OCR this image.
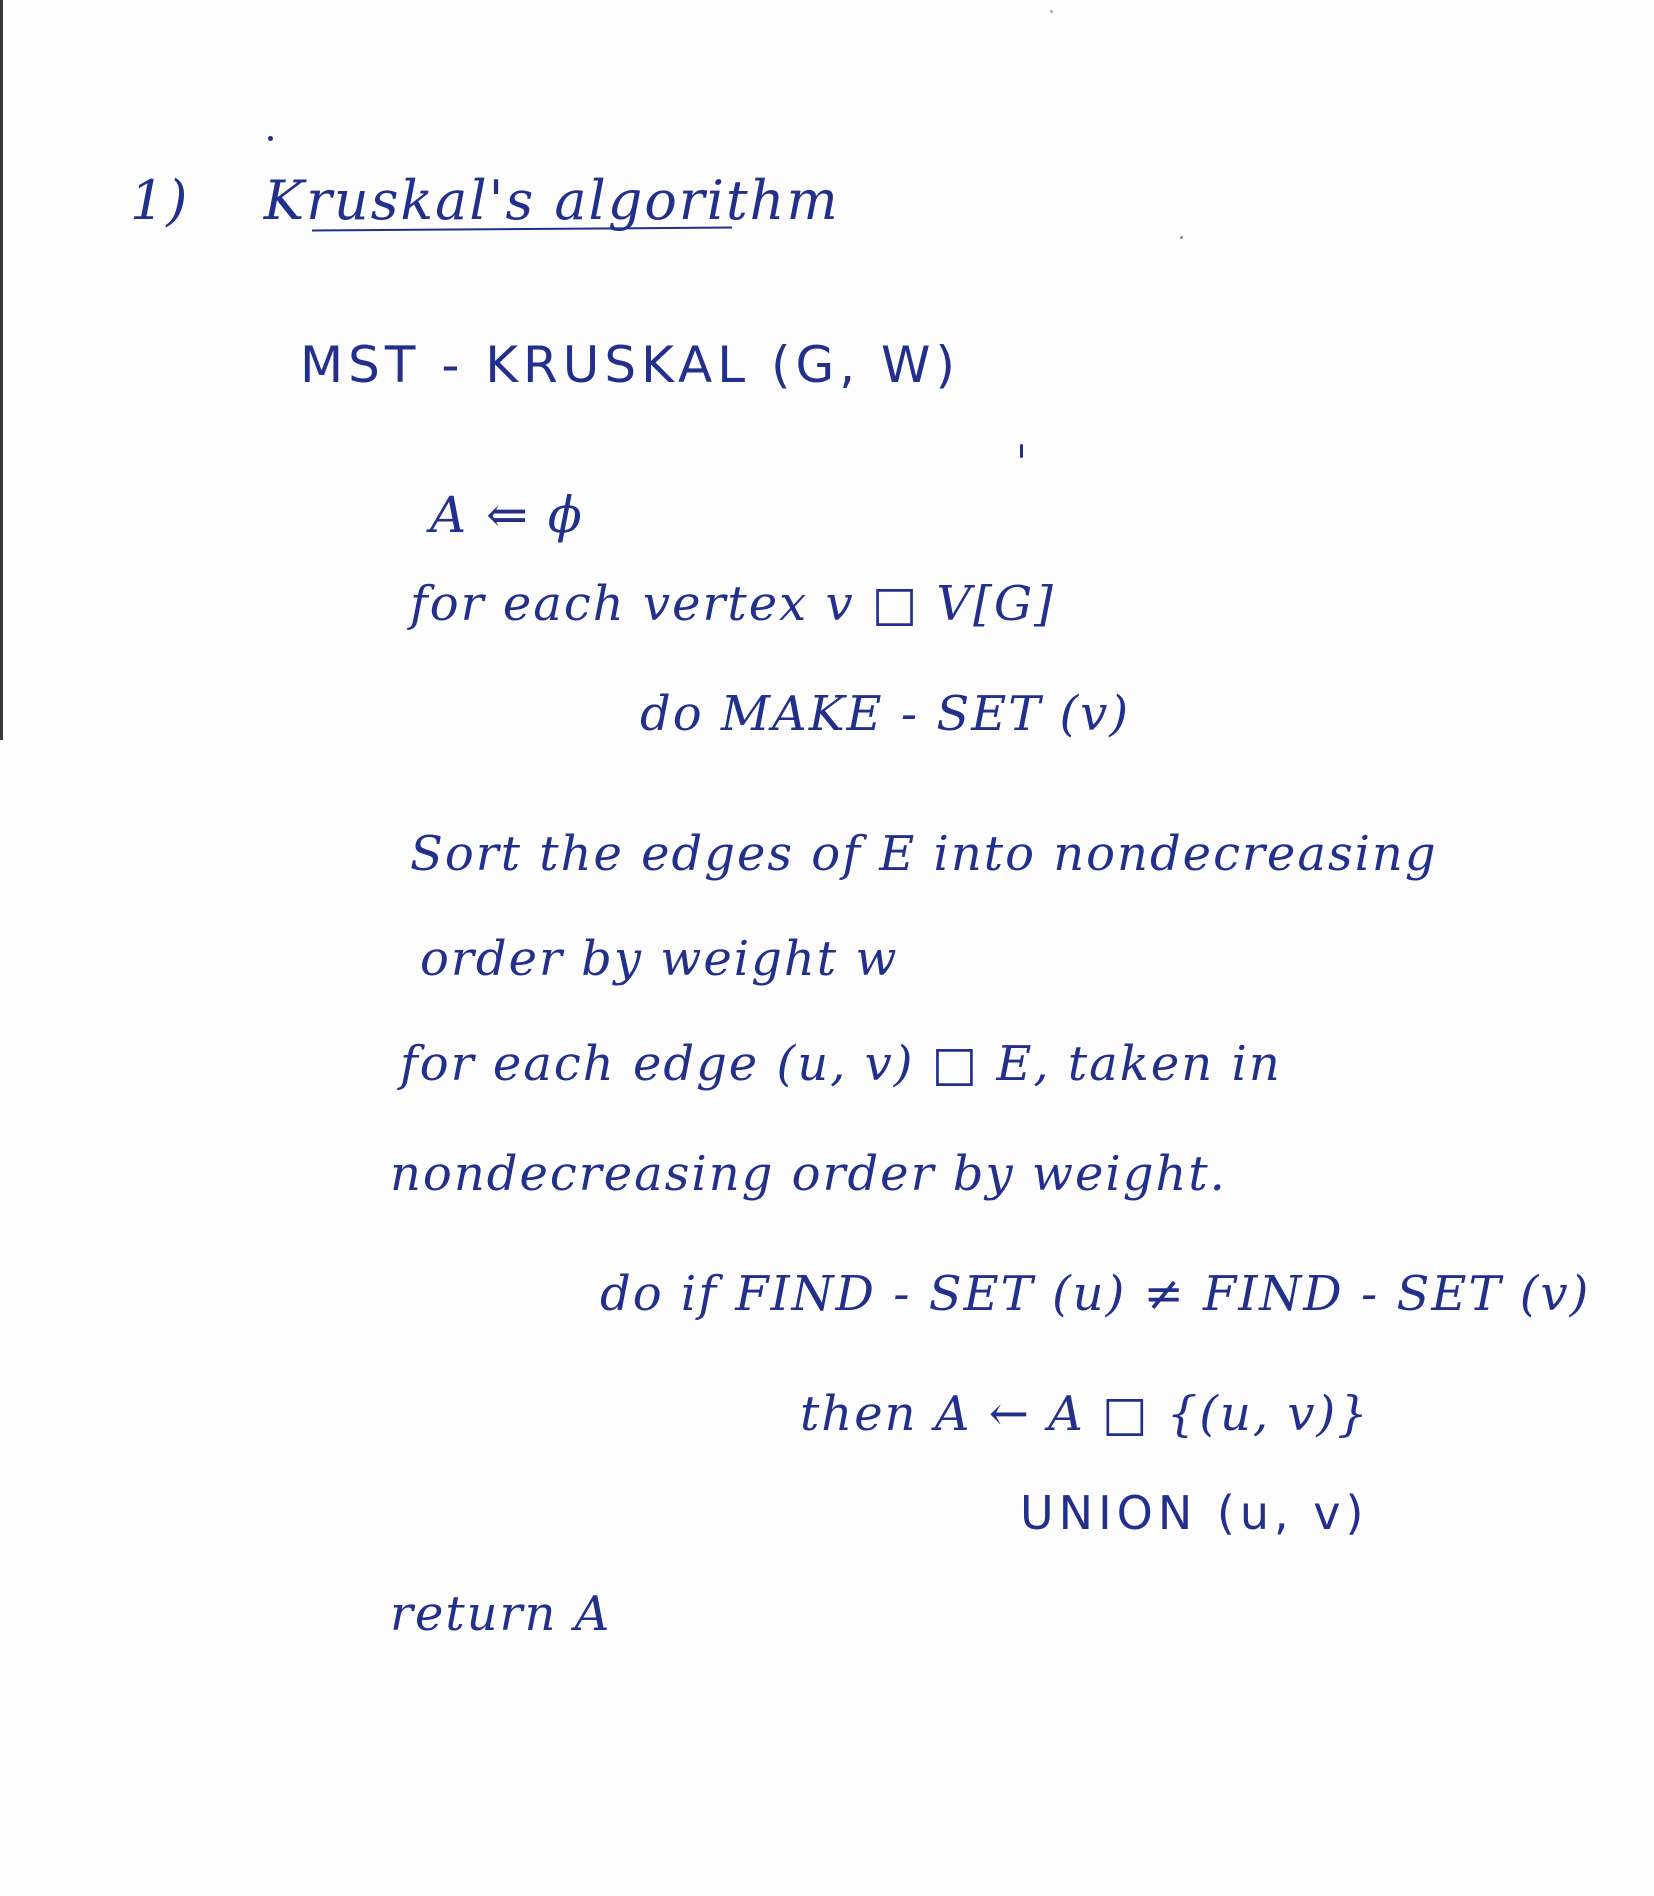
1) Kruskal's algorithm
MST - KRUSKAL (G, W)
A ⇐ ϕ
for each vertex v □ V[G]
do MAKE - SET (v)
Sort the edges of E into nondecreasing
order by weight w
for each edge (u, v) □ E, taken in
nondecreasing order by weight.
do if FIND - SET (u) ≠ FIND - SET (v)
then A ← A □ {(u, v)}
UNION (u, v)
return A
